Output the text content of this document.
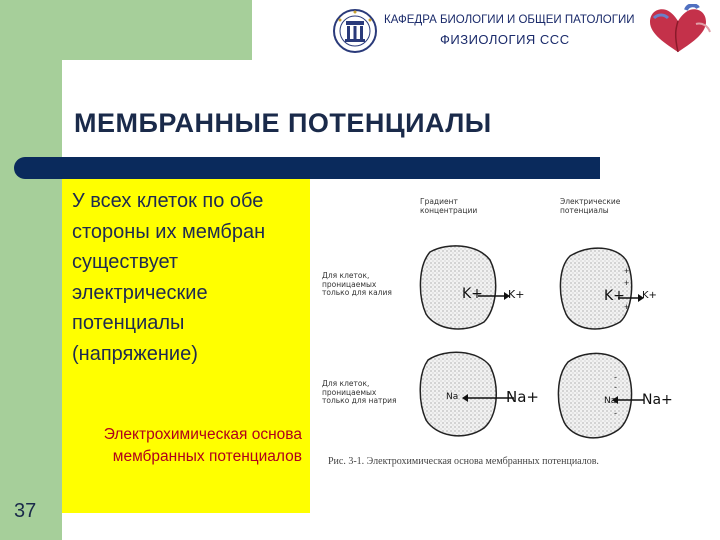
КАФЕДРА БИОЛОГИИ И ОБЩЕЙ ПАТОЛОГИИ
ФИЗИОЛОГИЯ ССС
МЕМБРАННЫЕ ПОТЕНЦИАЛЫ
У всех клеток по обе стороны их мембран существует электрические потенциалы (напряжение)
Электрохимическая основа мембранных потенциалов
37
Градиент концентрации
Электрические потенциалы
Для клеток, проницаемых только для калия
Для клеток, проницаемых только для натрия
+
+
+
-
-
-
K+ K+	K+ K+
Na	Na+	Na Na+
Рис. 3-1. Электрохимическая основа мембранных потенциалов.
